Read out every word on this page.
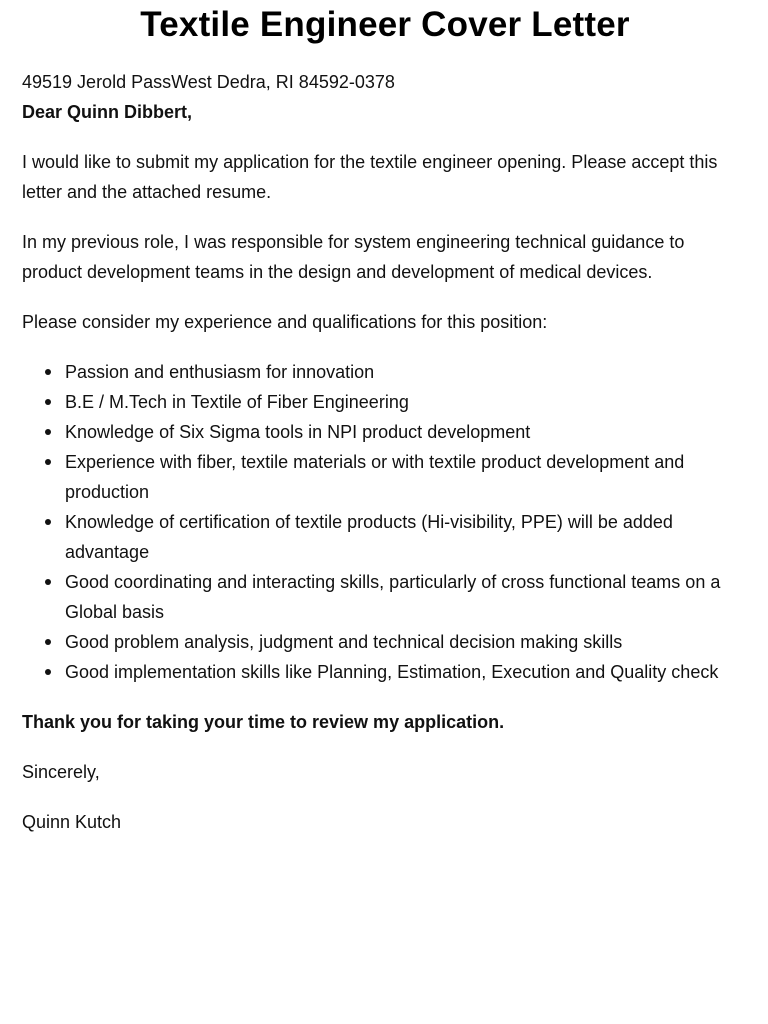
Textile Engineer Cover Letter

49519 Jerold PassWest Dedra, RI 84592-0378

Dear Quinn Dibbert,

I would like to submit my application for the textile engineer opening. Please accept this letter and the attached resume.

In my previous role, I was responsible for system engineering technical guidance to product development teams in the design and development of medical devices.

Please consider my experience and qualifications for this position:

Passion and enthusiasm for innovation
B.E / M.Tech in Textile of Fiber Engineering
Knowledge of Six Sigma tools in NPI product development
Experience with fiber, textile materials or with textile product development and production
Knowledge of certification of textile products (Hi-visibility, PPE) will be added advantage
Good coordinating and interacting skills, particularly of cross functional teams on a Global basis
Good problem analysis, judgment and technical decision making skills
Good implementation skills like Planning, Estimation, Execution and Quality check

Thank you for taking your time to review my application.

Sincerely,

Quinn Kutch
